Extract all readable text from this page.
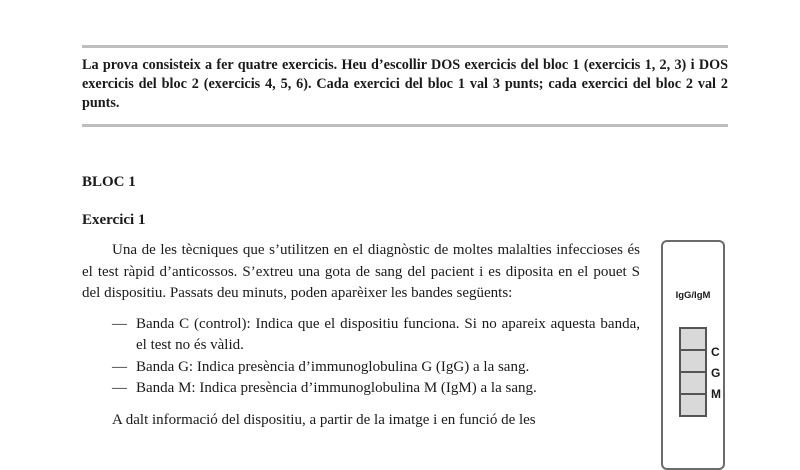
La prova consisteix a fer quatre exercicis. Heu d’escollir DOS exercicis del bloc 1 (exercicis 1, 2, 3) i DOS exercicis del bloc 2 (exercicis 4, 5, 6). Cada exercici del bloc 1 val 3 punts; cada exercici del bloc 2 val 2 punts.
BLOC 1
Exercici 1

Una de les tècniques que s’utilitzen en el diagnòstic de moltes malalties infeccioses és el test ràpid d’anticossos. S’extreu una gota de sang del pacient i es diposita en el pouet S del dispositiu. Passats deu minuts, poden aparèixer les bandes següents:

— Banda C (control): Indica que el dispositiu funciona. Si no apareix aquesta banda, el test no és vàlid.

— Banda G: Indica presència d’immunoglobulina G (IgG) a la sang.

— Banda M: Indica presència d’immunoglobulina M (IgM) a la sang.

A dalt informació del dispositiu, a partir de la imatge i en funció de les

IgG/IgM
C
G
M
